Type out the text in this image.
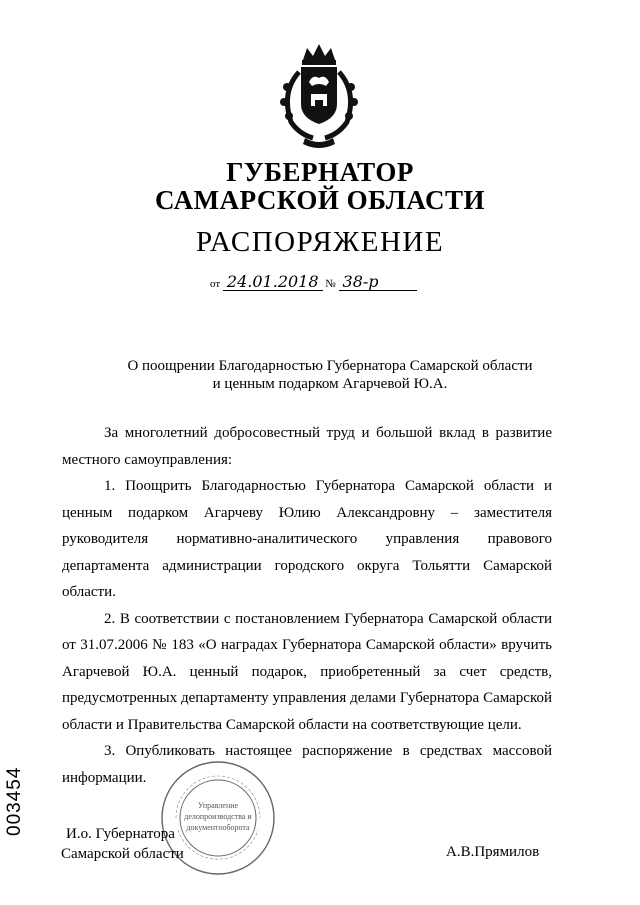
ГУБЕРНАТОР
САМАРСКОЙ ОБЛАСТИ
РАСПОРЯЖЕНИЕ
от 24.01.2018 № 38-р
О поощрении Благодарностью Губернатора Самарской области
и ценным подарком Агарчевой Ю.А.

За многолетний добросовестный труд и большой вклад в развитие местного самоуправления:

1. Поощрить Благодарностью Губернатора Самарской области и ценным подарком Агарчеву Юлию Александровну – заместителя руководителя нормативно-аналитического управления правового департамента администрации городского округа Тольятти Самарской области.

2. В соответствии с постановлением Губернатора Самарской области от 31.07.2006 № 183 «О наградах Губернатора Самарской области» вручить Агарчевой Ю.А. ценный подарок, приобретенный за счет средств, предусмотренных департаменту управления делами Губернатора Самарской области и Правительства Самарской области на соответствующие цели.

3. Опубликовать настоящее распоряжение в средствах массовой информации.

Управление
делопроизводства и
документооборота
И.о. Губернатора
Самарской области	А.В.Прямилов
003454
